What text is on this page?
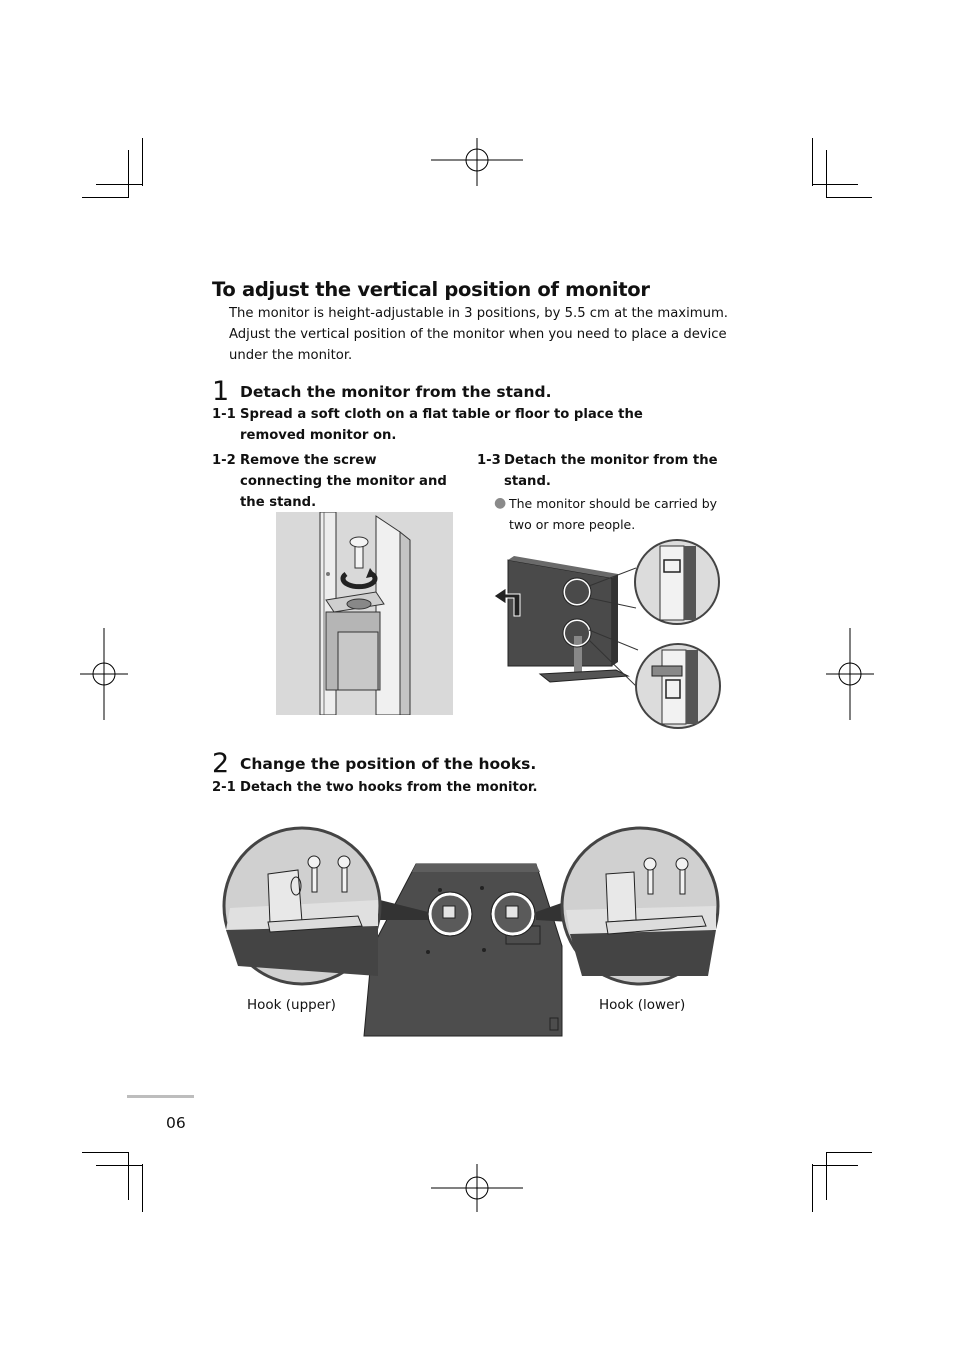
To adjust the vertical position of monitor
The monitor is height-adjustable in 3 positions, by 5.5 cm at the maximum. Adjust the vertical position of the monitor when you need to place a device under the monitor.
1 Detach the monitor from the stand.
1-1 Spread a soft cloth on a flat table or floor to place the removed monitor on.
1-2 Remove the screw connecting the monitor and the stand.
1-3 Detach the monitor from the stand.
● The monitor should be carried by two or more people.
2 Change the position of the hooks.
2-1 Detach the two hooks from the monitor.
Hook (upper)	Hook (lower)
06
